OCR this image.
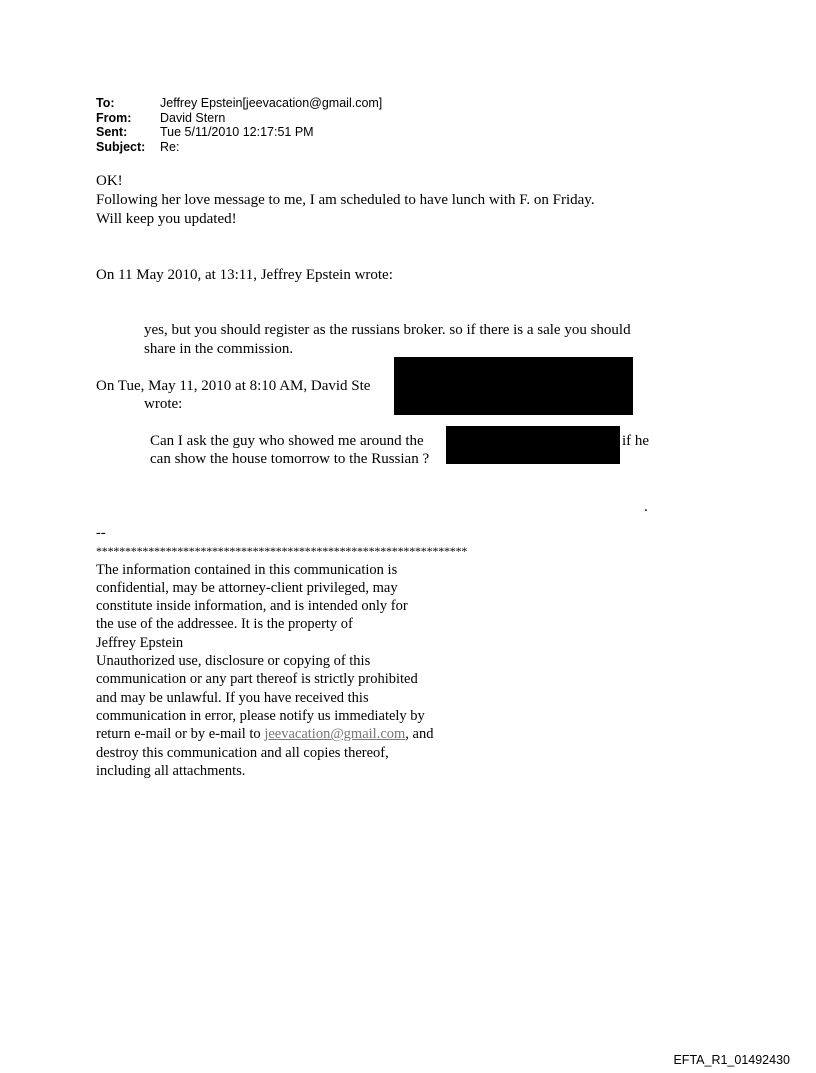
To:	Jeffrey Epstein[jeevacation@gmail.com]
From:	David Stern
Sent:	Tue 5/11/2010 12:17:51 PM
Subject:	Re:
OK!
Following her love message to me, I am scheduled to have lunch with F. on Friday.
Will keep you updated!
On 11 May 2010, at 13:11, Jeffrey Epstein wrote:
yes, but you should register as the russians broker. so if there is a sale you should
share in the commission.
On Tue, May 11, 2010 at 8:10 AM, David Ste
wrote:
Can I ask the guy who showed me around the	if he
can show the house tomorrow to the Russian ?
.
--
****************************************************************
The information contained in this communication is
confidential, may be attorney-client privileged, may
constitute inside information, and is intended only for
the use of the addressee. It is the property of
Jeffrey Epstein
Unauthorized use, disclosure or copying of this
communication or any part thereof is strictly prohibited
and may be unlawful. If you have received this
communication in error, please notify us immediately by
return e-mail or by e-mail to jeevacation@gmail.com, and
destroy this communication and all copies thereof,
including all attachments.
EFTA_R1_01492430
